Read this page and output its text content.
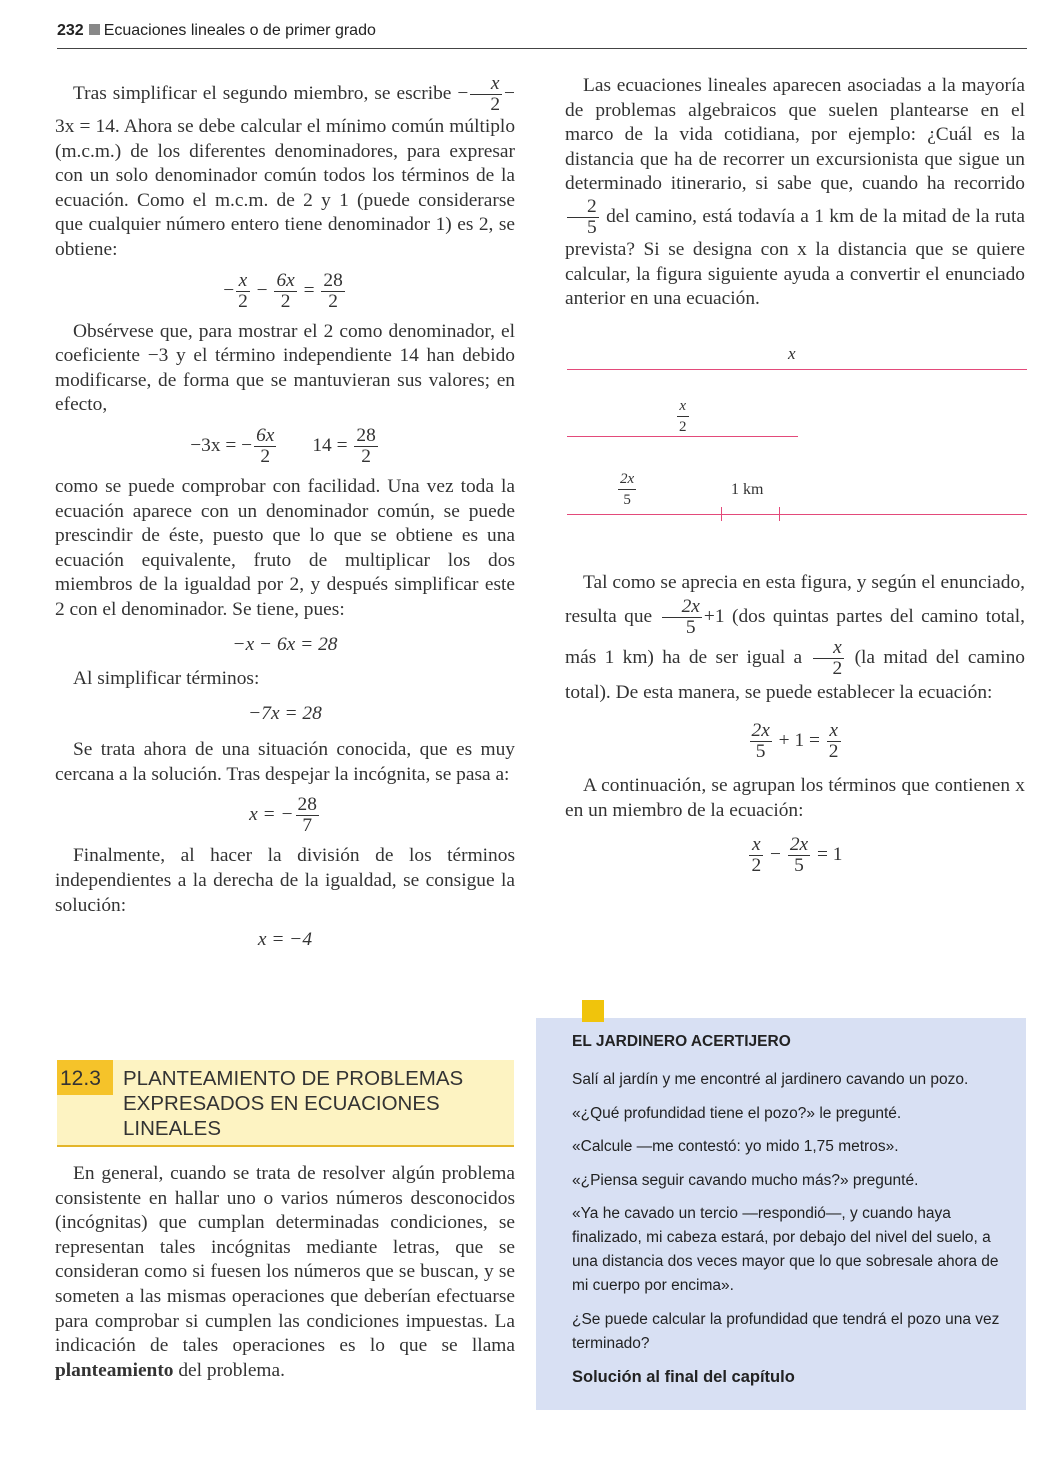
232 Ecuaciones lineales o de primer grado

Tras simplificar el segundo miembro, se escribe − $\frac{x}{2} - 3x = 14$. Ahora se debe calcular el mínimo común múltiplo (m.c.m.) de los diferentes denominadores, para expresar con un solo denominador común todos los términos de la ecuación. Como el m.c.m. de 2 y 1 (puede considerarse que cualquier número entero tiene denominador 1) es 2, se obtiene:

− $\frac{x}{2} - \frac{6x}{2} = \frac{28}{2}$

Obsérvese que, para mostrar el 2 como denominador, el coeficiente −3 y el término independiente 14 han debido modificarse, de forma que se mantuvieran sus valores; en efecto,

−3x = − $\frac{6x}{2} 14 = \frac{28}{2}$

como se puede comprobar con facilidad. Una vez toda la ecuación aparece con un denominador común, se puede prescindir de éste, puesto que lo que se obtiene es una ecuación equivalente, fruto de multiplicar los dos miembros de la igualdad por 2, y después simplificar este 2 con el denominador. Se tiene, pues:

−x − 6x = 28

Al simplificar términos:

−7x = 28

Se trata ahora de una situación conocida, que es muy cercana a la solución. Tras despejar la incógnita, se pasa a:

x = − $\frac{28}{7}$

Finalmente, al hacer la división de los términos independientes a la derecha de la igualdad, se consigue la solución:

x = −4

12.3	PLANTEAMIENTO DE PROBLEMAS EXPRESADOS EN ECUACIONES LINEALES

En general, cuando se trata de resolver algún problema consistente en hallar uno o varios números desconocidos (incógnitas) que cumplan determinadas condiciones, se representan tales incógnitas mediante letras, que se consideran como si fuesen los números que se buscan, y se someten a las mismas operaciones que deberían efectuarse para comprobar si cumplen las condiciones impuestas. La indicación de tales operaciones es lo que se llama planteamiento del problema.

Las ecuaciones lineales aparecen asociadas a la mayoría de problemas algebraicos que suelen plantearse en el marco de la vida cotidiana, por ejemplo: ¿Cuál es la distancia que ha de recorrer un excursionista que sigue un determinado itinerario, si sabe que, cuando ha recorrido
$\frac{2}{5}$ del camino, está todavía a 1 km de la mitad de la ruta prevista? Si se designa con x la distancia que se quiere calcular, la figura siguiente ayuda a convertir el enunciado anterior en una ecuación.

x
$\frac{x}{2}$
$\frac{2x}{5}$	1 km

Tal como se aprecia en esta figura, y según el enunciado, resulta que $\frac{2x}{5} +1$ (dos quintas partes del camino total, más 1 km) ha de ser igual a $\frac{x}{2} (la$ mitad del camino total). De esta manera, se puede establecer la ecuación:

$\frac{2x}{5} + 1 = \frac{x}{2}$

A continuación, se agrupan los términos que contienen x en un miembro de la ecuación:

$\frac{x}{2} - \frac{2x}{5} = 1$

EL JARDINERO ACERTIJERO

Salí al jardín y me encontré al jardinero cavando un pozo.

«¿Qué profundidad tiene el pozo?» le pregunté.

«Calcule —me contestó: yo mido 1,75 metros».

«¿Piensa seguir cavando mucho más?» pregunté.

«Ya he cavado un tercio —respondió—, y cuando haya finalizado, mi cabeza estará, por debajo del nivel del suelo, a una distancia dos veces mayor que lo que sobresale ahora de mi cuerpo por encima».

¿Se puede calcular la profundidad que tendrá el pozo una vez terminado?

Solución al final del capítulo
